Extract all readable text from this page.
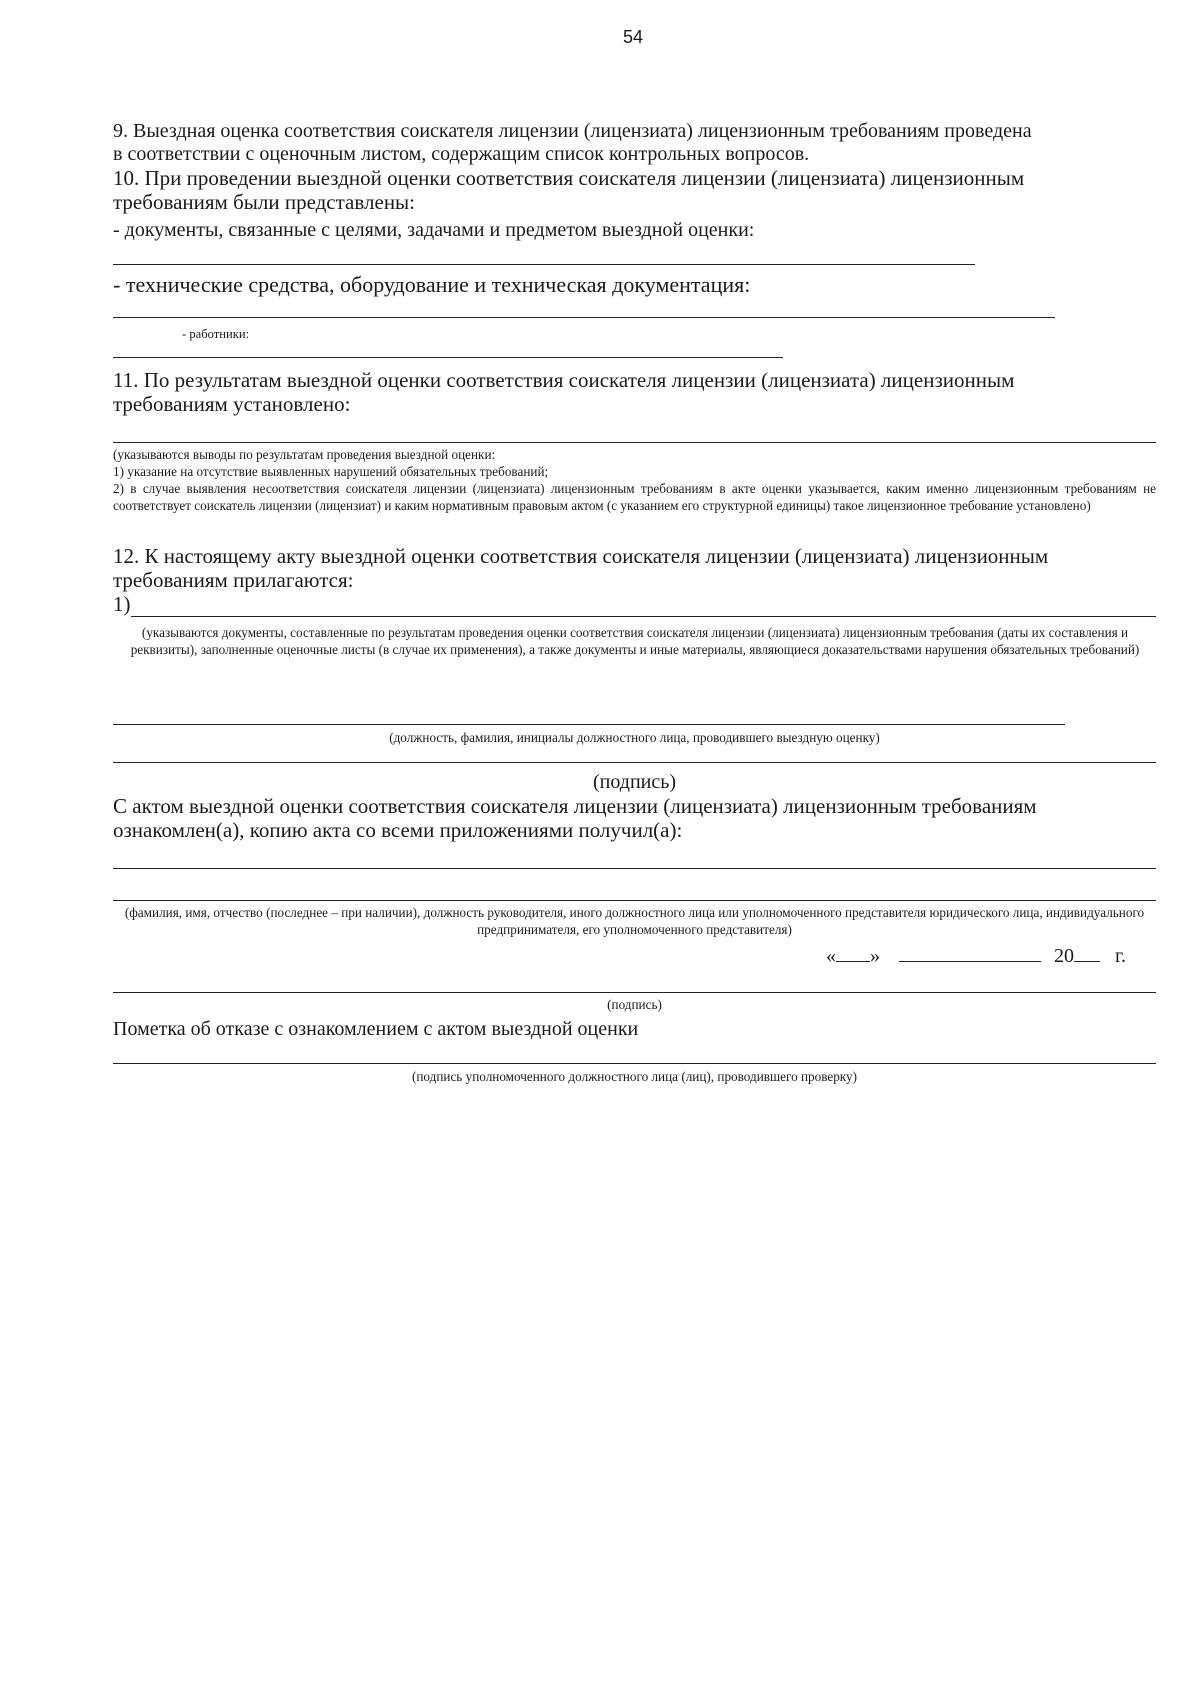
54
9. Выездная оценка соответствия соискателя лицензии (лицензиата) лицензионным требованиям проведена
в соответствии с оценочным листом, содержащим список контрольных вопросов.
10. При проведении выездной оценки соответствия соискателя лицензии (лицензиата) лицензионным
требованиям были представлены:
- документы, связанные с целями, задачами и предметом выездной оценки:
- технические средства, оборудование и техническая документация:
- работники:
11. По результатам выездной оценки соответствия соискателя лицензии (лицензиата) лицензионным
требованиям установлено:
(указываются выводы по результатам проведения выездной оценки:
1) указание на отсутствие выявленных нарушений обязательных требований;
2) в случае выявления несоответствия соискателя лицензии (лицензиата) лицензионным требованиям в акте оценки указывается, каким именно лицензионным требованиям не соответствует соискатель лицензии (лицензиат) и каким нормативным правовым актом (с указанием его структурной единицы) такое лицензионное требование установлено)
12. К настоящему акту выездной оценки соответствия соискателя лицензии (лицензиата) лицензионным
требованиям прилагаются:
1)
(указываются документы, составленные по результатам проведения оценки соответствия соискателя лицензии (лицензиата) лицензионным требования (даты их составления и реквизиты), заполненные оценочные листы (в случае их применения), а также документы и иные материалы, являющиеся доказательствами нарушения обязательных требований)
(должность, фамилия, инициалы должностного лица, проводившего выездную оценку)
(подпись)
С актом выездной оценки соответствия соискателя лицензии (лицензиата) лицензионным требованиям
ознакомлен(а), копию акта со всеми приложениями получил(а):
(фамилия, имя, отчество (последнее – при наличии), должность руководителя, иного должностного лица или уполномоченного представителя юридического лица, индивидуального предпринимателя, его уполномоченного представителя)
« »	20 г.
(подпись)
Пометка об отказе с ознакомлением с актом выездной оценки
(подпись уполномоченного должностного лица (лиц), проводившего проверку)
